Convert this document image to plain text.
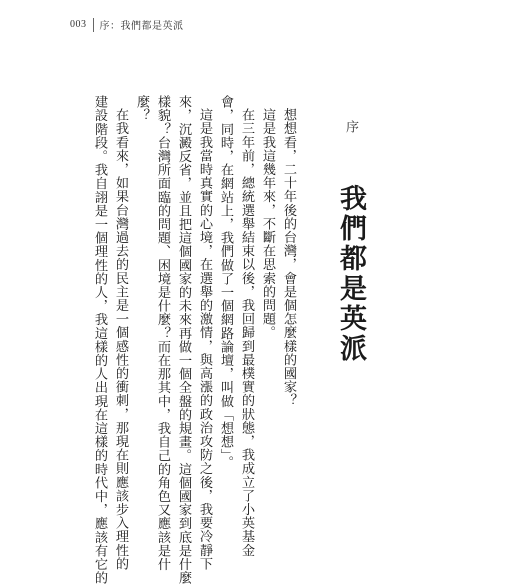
003 序：我們都是英派
序 我們都是英派
想想看，二十年後的台灣，會是個怎麼樣的國家？
這是我這幾年來，不斷在思索的問題。
在三年前，總統選舉結束以後，我回歸到最樸實的狀態，我成立了小英基金
會，同時，在網站上，我們做了一個網路論壇，叫做「想想」。
這是我當時真實的心境，在選舉的激情，與高漲的政治攻防之後，我要冷靜下
來，沉澱反省，並且把這個國家的未來再做一個全盤的規畫。這個國家到底是什麼
樣貌？台灣所面臨的問題、困境是什麼？而在那其中，我自己的角色又應該是什
麼？
在我看來，如果台灣過去的民主是一個感性的衝刺，那現在則應該步入理性的
建設階段。我自詡是一個理性的人，我這樣的人出現在這樣的時代中，應該有它的
